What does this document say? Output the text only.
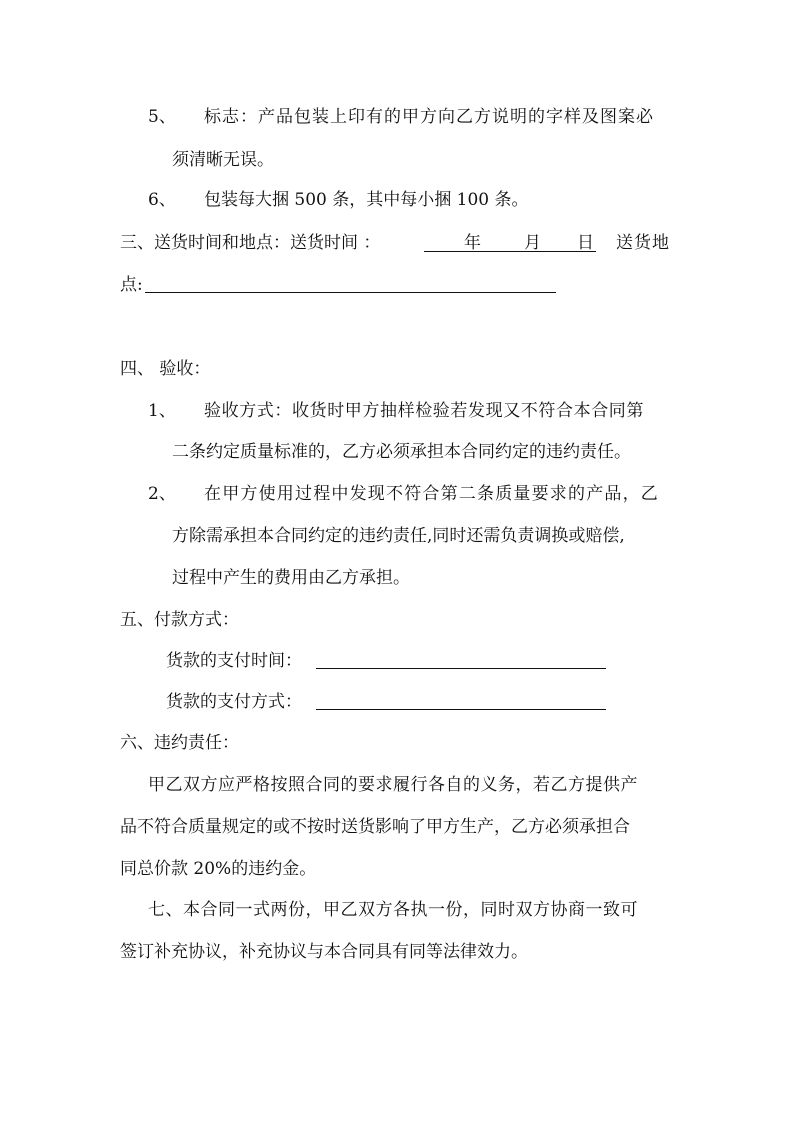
5、 标志：产品包装上印有的甲方向乙方说明的字样及图案必
须清晰无误。
6、 包装每大捆 500 条，其中每小捆 100 条。
三、送货时间和地点：送货时间 ：	年	月 日 送货地
点:
四、 验收：
1、 验收方式：收货时甲方抽样检验若发现又不符合本合同第
二条约定质量标准的，乙方必须承担本合同约定的违约责任。
2、 在甲方使用过程中发现不符合第二条质量要求的产品，乙
方除需承担本合同约定的违约责任,同时还需负责调换或赔偿,
过程中产生的费用由乙方承担。
五、付款方式：
货款的支付时间：
货款的支付方式：
六、违约责任：
甲乙双方应严格按照合同的要求履行各自的义务，若乙方提供产
品不符合质量规定的或不按时送货影响了甲方生产，乙方必须承担合
同总价款 20%的违约金。
七、本合同一式两份，甲乙双方各执一份，同时双方协商一致可
签订补充协议，补充协议与本合同具有同等法律效力。
